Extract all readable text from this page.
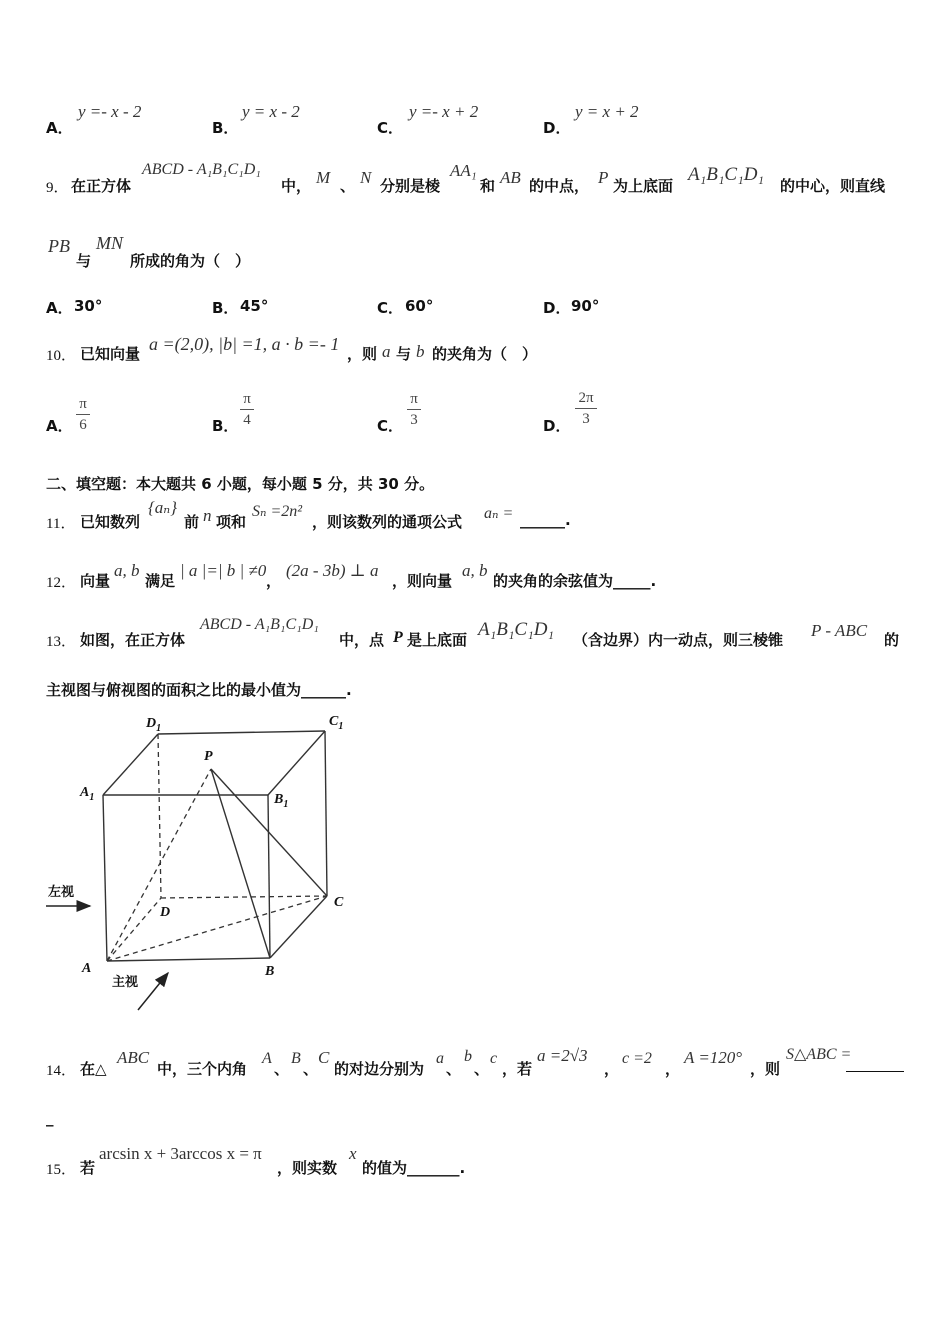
A．
y =- x - 2
B．
y = x - 2
C．
y =- x + 2
D．
y = x + 2
9． 在正方体
ABCD - A₁B₁C₁D₁
中， M 、 N 分别是棱
AA₁
和 AB 的中点， P 为上底面
A₁B₁C₁D₁
的中心，则直线
PB
与
MN
所成的角为（　）
A． 30°	B． 45°	C． 60°	D． 90°
10． 已知向量 a =(2,0), |b| =1, a · b =- 1 ，则 a 与 b 的夹角为（　）
A．
π
6	B．
π
4	C．
π
3	D．
2π
3
二、填空题：本大题共 6 小题，每小题 5 分，共 30 分。
11． 已知数列
{aₙ}
前 n 项和
Sₙ =2n²
，则该数列的通项公式 aₙ = ______.
12． 向量
a, b
满足
| a |=| b | ≠0
，
(2a - 3b) ⊥ a
，则向量
a, b
的夹角的余弦值为_____.
13． 如图，在正方体
ABCD - A₁B₁C₁D₁
中，点 P 是上底面 A₁B₁C₁D₁ （含边界）内一动点，则三棱锥 P - ABC 的
主视图与俯视图的面积之比的最小值为______.
$D_1$	$C_1$
$A_1$	$B_1$
P
D
C
A	B
左视
主视
14． 在△
ABC
中，三个内角
A
、
B
、
C
的对边分别为
a
、
b
、
c
，若
a =2√3
，
c =2
，
A =120°
，则
S△ABC =
_
15． 若
arcsin x + 3arccos x = π
，则实数
x
的值为_______.
